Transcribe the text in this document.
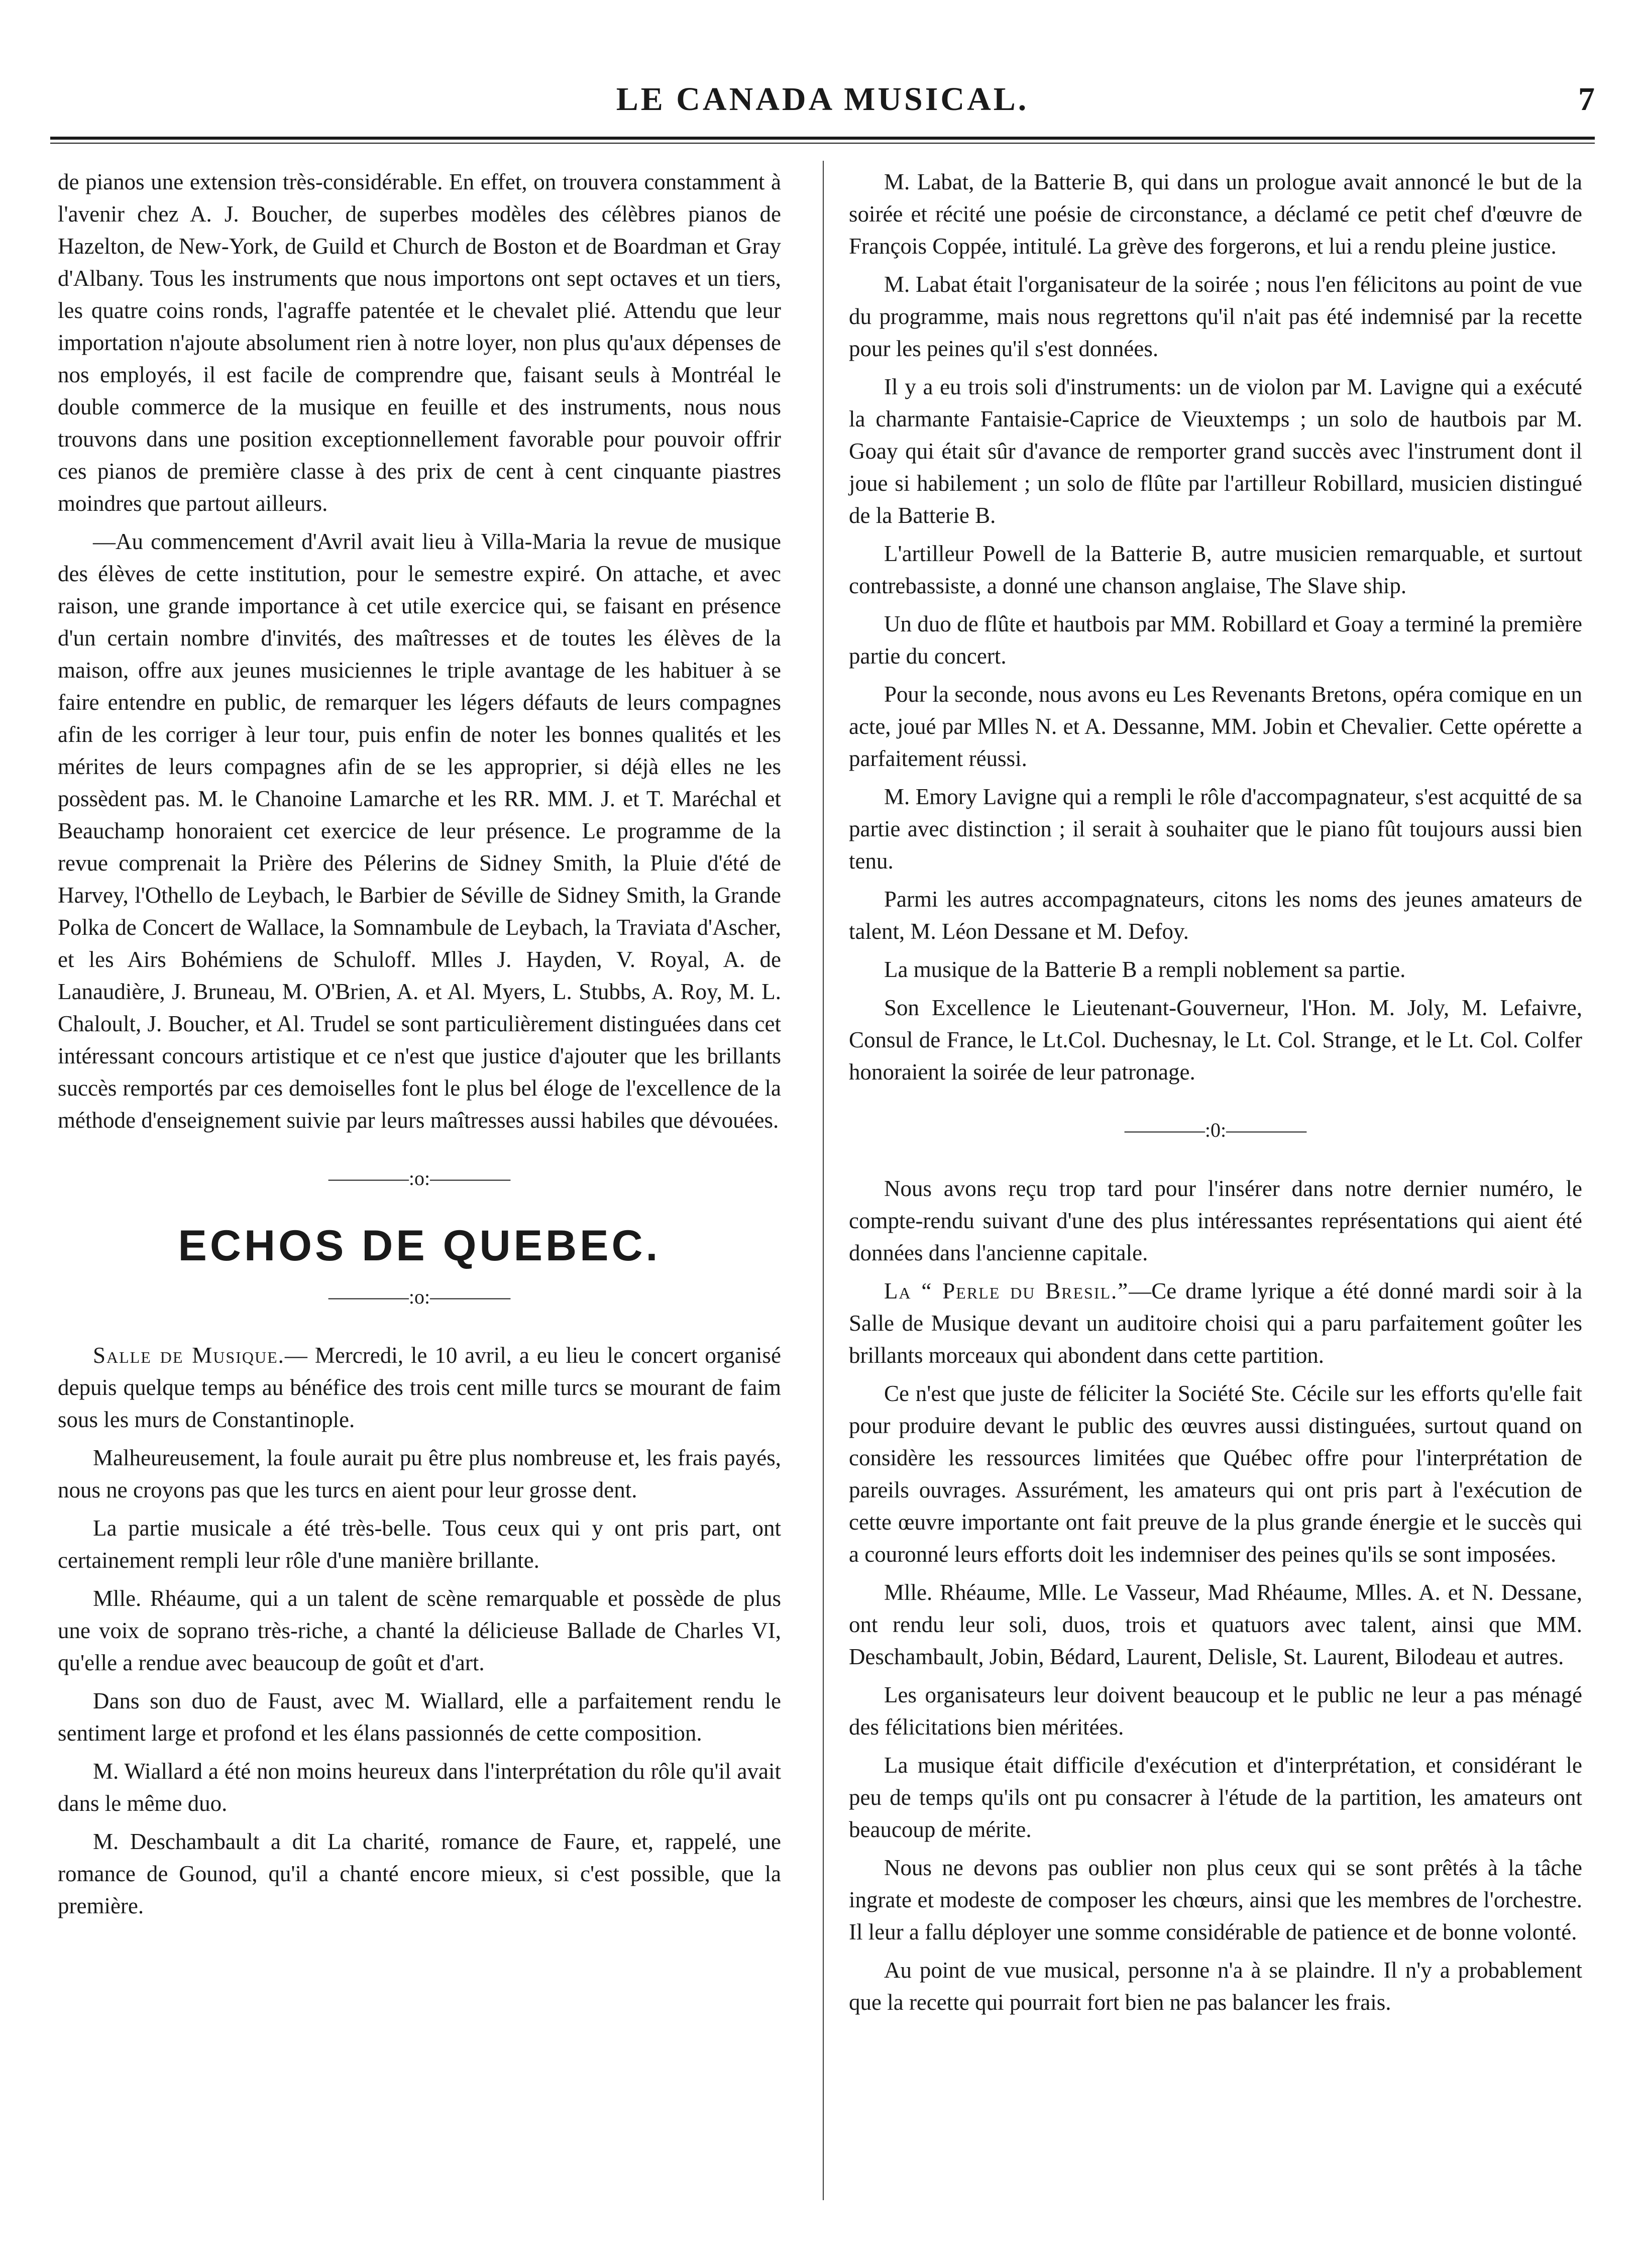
LE CANADA MUSICAL.	7

de pianos une extension très-considérable. En effet, on trouvera constamment à l'avenir chez A. J. Boucher, de superbes modèles des célèbres pianos de Hazelton, de New-York, de Guild et Church de Boston et de Boardman et Gray d'Albany. Tous les instruments que nous importons ont sept octaves et un tiers, les quatre coins ronds, l'agraffe patentée et le chevalet plié. Attendu que leur importation n'ajoute absolument rien à notre loyer, non plus qu'aux dépenses de nos employés, il est facile de comprendre que, faisant seuls à Montréal le double commerce de la musique en feuille et des instruments, nous nous trouvons dans une position exceptionnellement favorable pour pouvoir offrir ces pianos de première classe à des prix de cent à cent cinquante piastres moindres que partout ailleurs.

—Au commencement d'Avril avait lieu à Villa-Maria la revue de musique des élèves de cette institution, pour le semestre expiré. On attache, et avec raison, une grande importance à cet utile exercice qui, se faisant en présence d'un certain nombre d'invités, des maîtresses et de toutes les élèves de la maison, offre aux jeunes musiciennes le triple avantage de les habituer à se faire entendre en public, de remarquer les légers défauts de leurs compagnes afin de les corriger à leur tour, puis enfin de noter les bonnes qualités et les mérites de leurs compagnes afin de se les approprier, si déjà elles ne les possèdent pas. M. le Chanoine Lamarche et les RR. MM. J. et T. Maréchal et Beauchamp honoraient cet exercice de leur présence. Le programme de la revue comprenait la Prière des Pélerins de Sidney Smith, la Pluie d'été de Harvey, l'Othello de Leybach, le Barbier de Séville de Sidney Smith, la Grande Polka de Concert de Wallace, la Somnambule de Leybach, la Traviata d'Ascher, et les Airs Bohémiens de Schuloff. Mlles J. Hayden, V. Royal, A. de Lanaudière, J. Bruneau, M. O'Brien, A. et Al. Myers, L. Stubbs, A. Roy, M. L. Chaloult, J. Boucher, et Al. Trudel se sont particulièrement distinguées dans cet intéressant concours artistique et ce n'est que justice d'ajouter que les brillants succès remportés par ces demoiselles font le plus bel éloge de l'excellence de la méthode d'enseignement suivie par leurs maîtresses aussi habiles que dévouées.

————:o:————
ECHOS DE QUEBEC.
————:o:————

Salle de Musique.— Mercredi, le 10 avril, a eu lieu le concert organisé depuis quelque temps au bénéfice des trois cent mille turcs se mourant de faim sous les murs de Constantinople.

Malheureusement, la foule aurait pu être plus nombreuse et, les frais payés, nous ne croyons pas que les turcs en aient pour leur grosse dent.

La partie musicale a été très-belle. Tous ceux qui y ont pris part, ont certainement rempli leur rôle d'une manière brillante.

Mlle. Rhéaume, qui a un talent de scène remarquable et possède de plus une voix de soprano très-riche, a chanté la délicieuse Ballade de Charles VI, qu'elle a rendue avec beaucoup de goût et d'art.

Dans son duo de Faust, avec M. Wiallard, elle a parfaitement rendu le sentiment large et profond et les élans passionnés de cette composition.

M. Wiallard a été non moins heureux dans l'interprétation du rôle qu'il avait dans le même duo.

M. Deschambault a dit La charité, romance de Faure, et, rappelé, une romance de Gounod, qu'il a chanté encore mieux, si c'est possible, que la première.

M. Labat, de la Batterie B, qui dans un prologue avait annoncé le but de la soirée et récité une poésie de circonstance, a déclamé ce petit chef d'œuvre de François Coppée, intitulé. La grève des forgerons, et lui a rendu pleine justice.

M. Labat était l'organisateur de la soirée ; nous l'en félicitons au point de vue du programme, mais nous regrettons qu'il n'ait pas été indemnisé par la recette pour les peines qu'il s'est données.

Il y a eu trois soli d'instruments: un de violon par M. Lavigne qui a exécuté la charmante Fantaisie-Caprice de Vieuxtemps ; un solo de hautbois par M. Goay qui était sûr d'avance de remporter grand succès avec l'instrument dont il joue si habilement ; un solo de flûte par l'artilleur Robillard, musicien distingué de la Batterie B.

L'artilleur Powell de la Batterie B, autre musicien remarquable, et surtout contrebassiste, a donné une chanson anglaise, The Slave ship.

Un duo de flûte et hautbois par MM. Robillard et Goay a terminé la première partie du concert.

Pour la seconde, nous avons eu Les Revenants Bretons, opéra comique en un acte, joué par Mlles N. et A. Dessanne, MM. Jobin et Chevalier. Cette opérette a parfaitement réussi.

M. Emory Lavigne qui a rempli le rôle d'accompagnateur, s'est acquitté de sa partie avec distinction ; il serait à souhaiter que le piano fût toujours aussi bien tenu.

Parmi les autres accompagnateurs, citons les noms des jeunes amateurs de talent, M. Léon Dessane et M. Defoy.

La musique de la Batterie B a rempli noblement sa partie.

Son Excellence le Lieutenant-Gouverneur, l'Hon. M. Joly, M. Lefaivre, Consul de France, le Lt.Col. Duchesnay, le Lt. Col. Strange, et le Lt. Col. Colfer honoraient la soirée de leur patronage.

————:0:————

Nous avons reçu trop tard pour l'insérer dans notre dernier numéro, le compte-rendu suivant d'une des plus intéressantes représentations qui aient été données dans l'ancienne capitale.

La “ Perle du Bresil.”—Ce drame lyrique a été donné mardi soir à la Salle de Musique devant un auditoire choisi qui a paru parfaitement goûter les brillants morceaux qui abondent dans cette partition.

Ce n'est que juste de féliciter la Société Ste. Cécile sur les efforts qu'elle fait pour produire devant le public des œuvres aussi distinguées, surtout quand on considère les ressources limitées que Québec offre pour l'interprétation de pareils ouvrages. Assurément, les amateurs qui ont pris part à l'exécution de cette œuvre importante ont fait preuve de la plus grande énergie et le succès qui a couronné leurs efforts doit les indemniser des peines qu'ils se sont imposées.

Mlle. Rhéaume, Mlle. Le Vasseur, Mad Rhéaume, Mlles. A. et N. Dessane, ont rendu leur soli, duos, trois et quatuors avec talent, ainsi que MM. Deschambault, Jobin, Bédard, Laurent, Delisle, St. Laurent, Bilodeau et autres.

Les organisateurs leur doivent beaucoup et le public ne leur a pas ménagé des félicitations bien méritées.

La musique était difficile d'exécution et d'interprétation, et considérant le peu de temps qu'ils ont pu consacrer à l'étude de la partition, les amateurs ont beaucoup de mérite.

Nous ne devons pas oublier non plus ceux qui se sont prêtés à la tâche ingrate et modeste de composer les chœurs, ainsi que les membres de l'orchestre. Il leur a fallu déployer une somme considérable de patience et de bonne volonté.

Au point de vue musical, personne n'a à se plaindre. Il n'y a probablement que la recette qui pourrait fort bien ne pas balancer les frais.
